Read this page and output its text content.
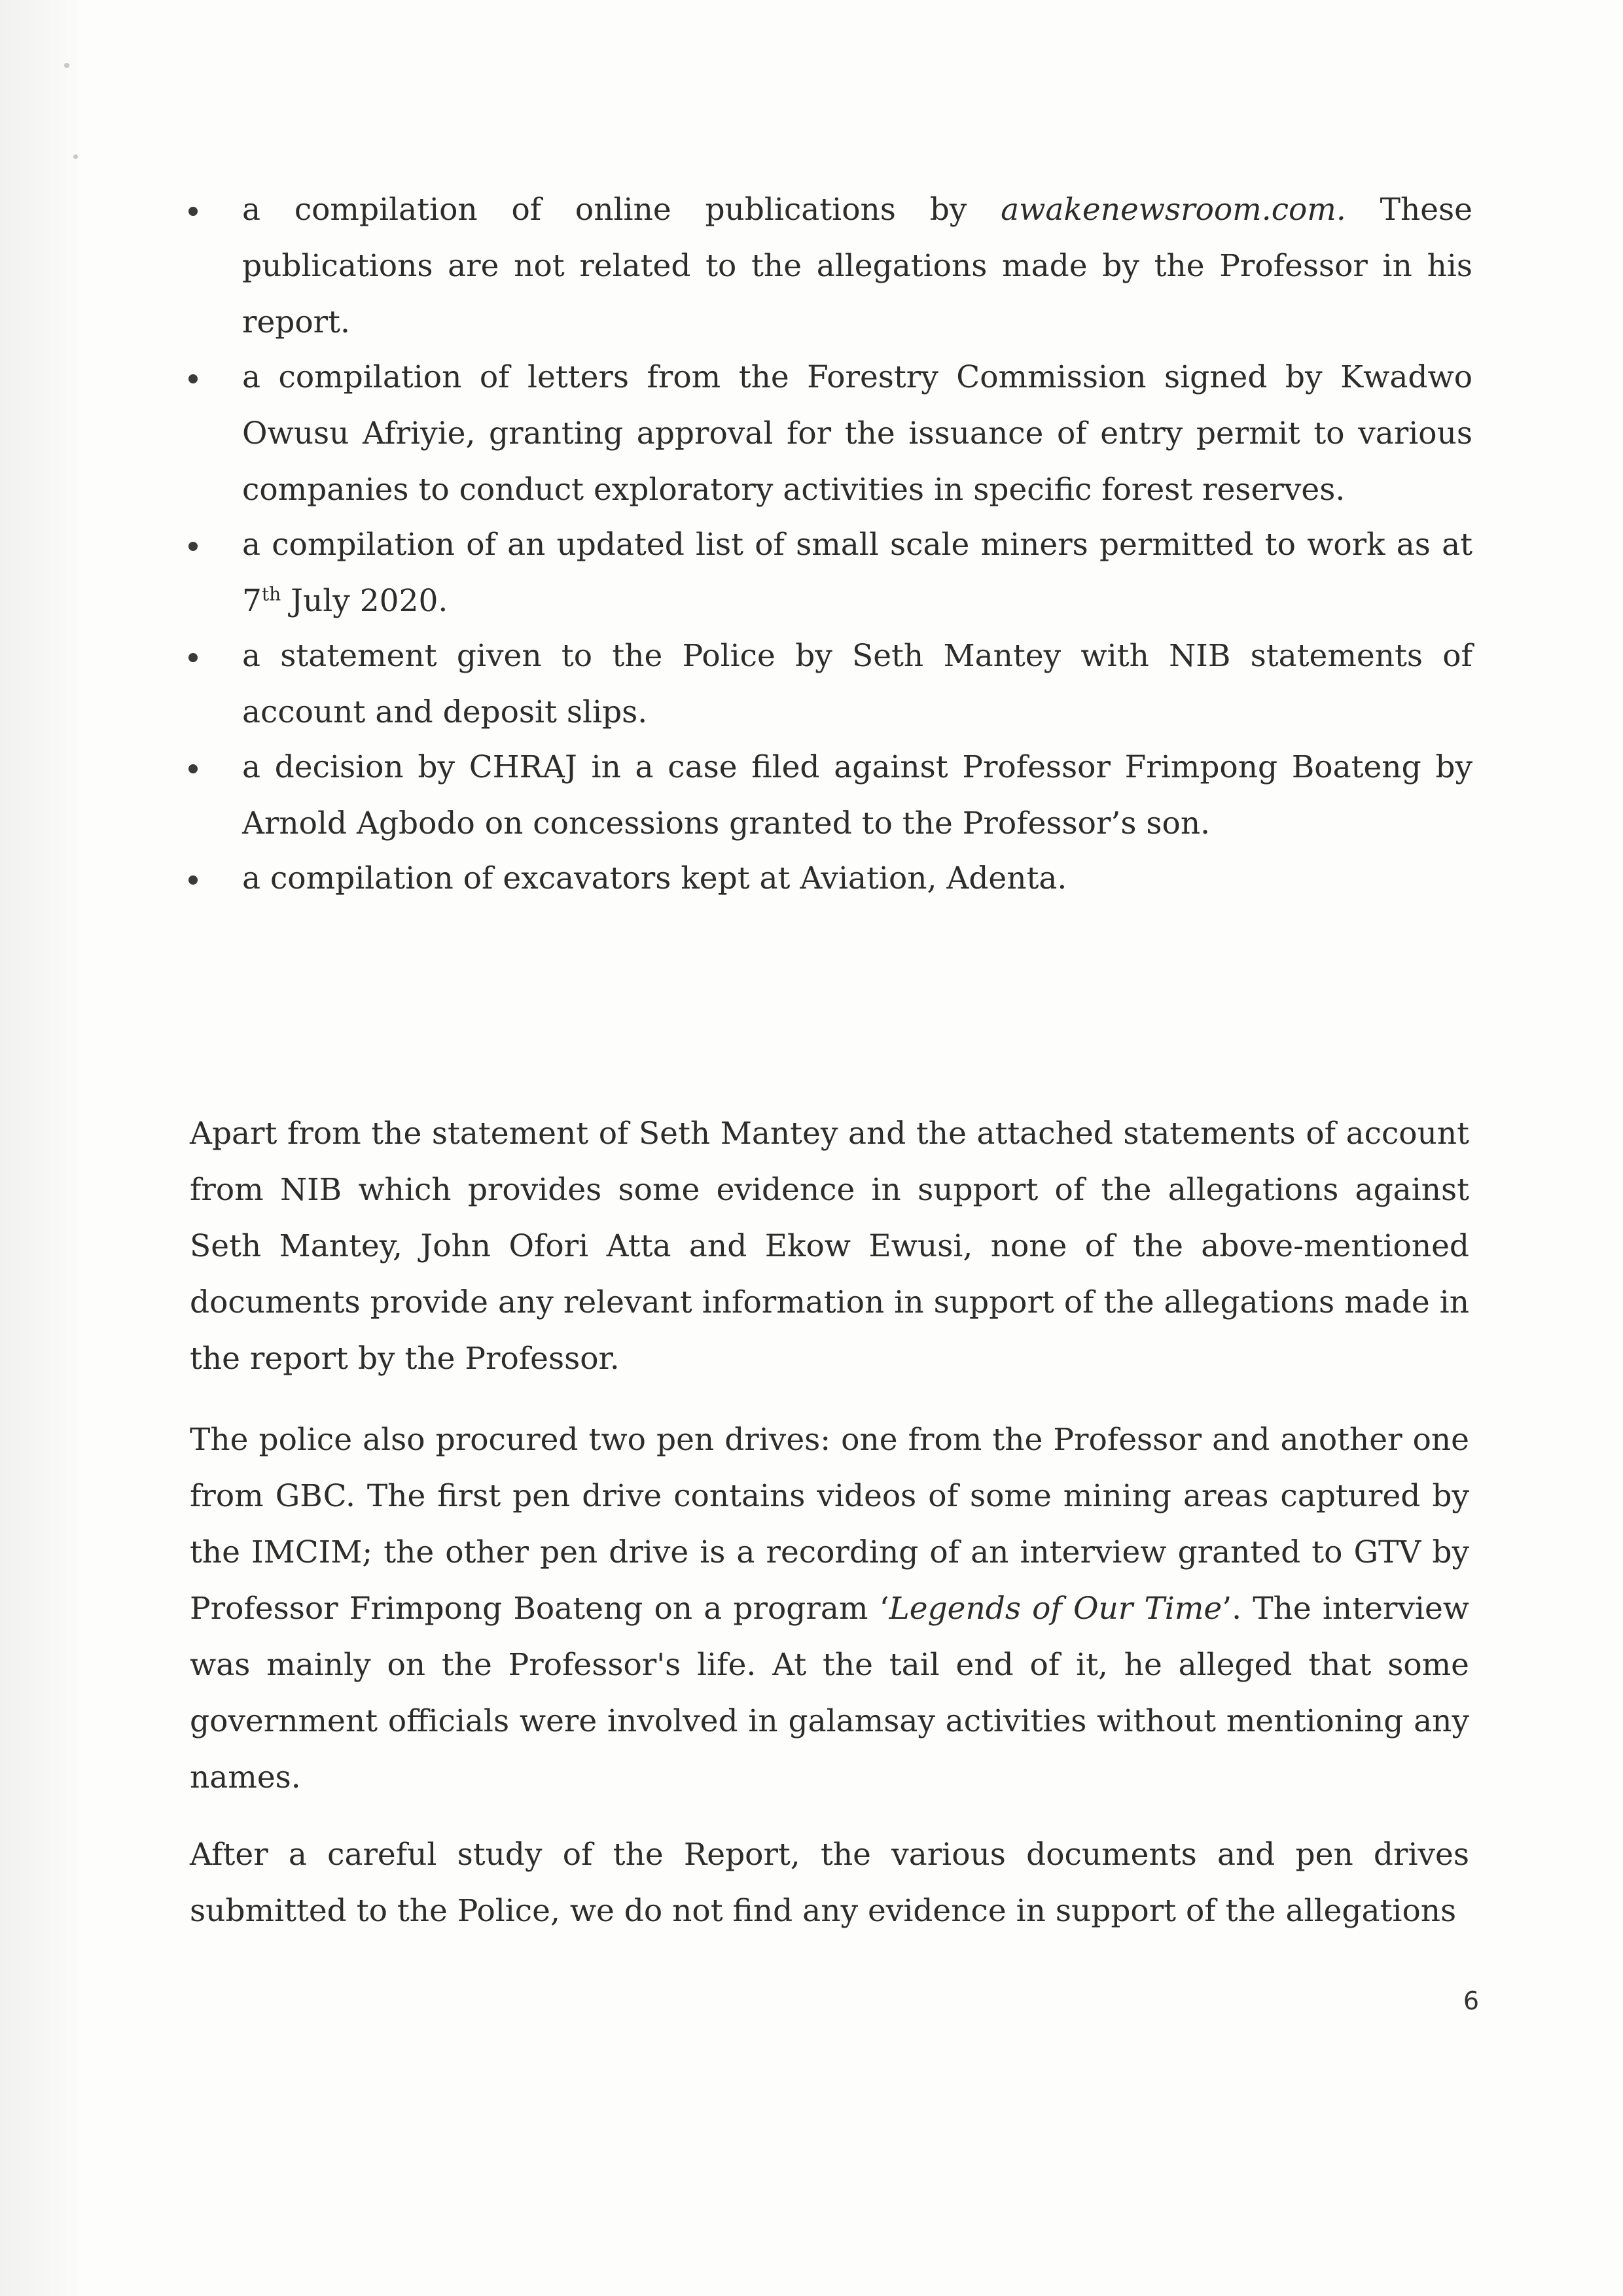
a compilation of online publications by awakenewsroom.com. These publications are not related to the allegations made by the Professor in his report.
a compilation of letters from the Forestry Commission signed by Kwadwo Owusu Afriyie, granting approval for the issuance of entry permit to various companies to conduct exploratory activities in specific forest reserves.
a compilation of an updated list of small scale miners permitted to work as at 7th July 2020.
a statement given to the Police by Seth Mantey with NIB statements of account and deposit slips.
a decision by CHRAJ in a case filed against Professor Frimpong Boateng by Arnold Agbodo on concessions granted to the Professor’s son.
a compilation of excavators kept at Aviation, Adenta.

Apart from the statement of Seth Mantey and the attached statements of account from NIB which provides some evidence in support of the allegations against Seth Mantey, John Ofori Atta and Ekow Ewusi, none of the above-mentioned documents provide any relevant information in support of the allegations made in the report by the Professor.

The police also procured two pen drives: one from the Professor and another one from GBC. The first pen drive contains videos of some mining areas captured by the IMCIM; the other pen drive is a recording of an interview granted to GTV by Professor Frimpong Boateng on a program ‘Legends of Our Time’. The interview was mainly on the Professor's life. At the tail end of it, he alleged that some government officials were involved in galamsay activities without mentioning any names.

After a careful study of the Report, the various documents and pen drives submitted to the Police, we do not find any evidence in support of the allegations

6
